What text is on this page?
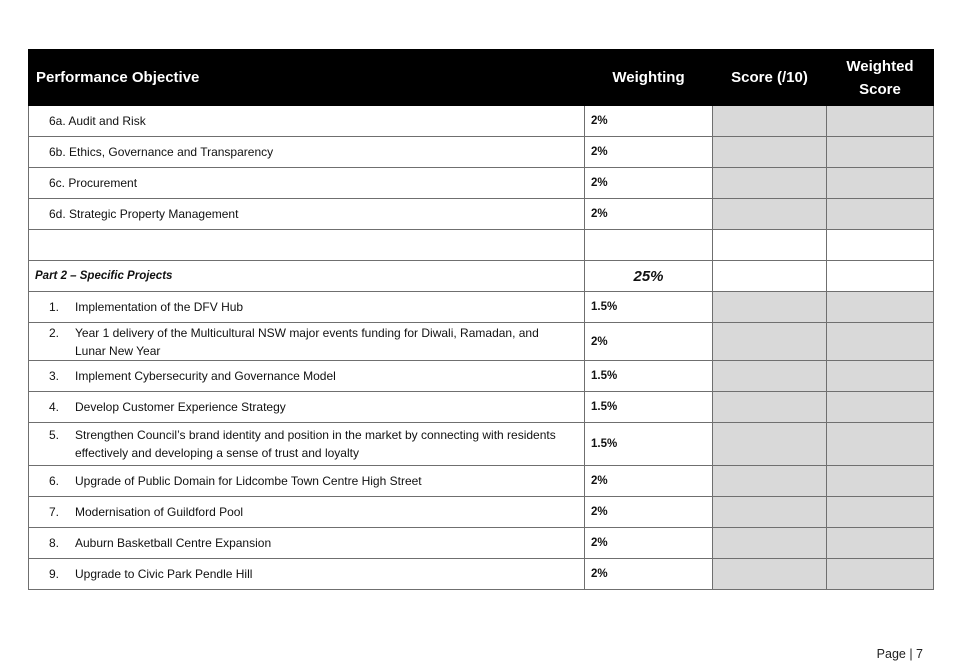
Performance Objective	Weighting	Score (/10)	Weighted
Score
6a. Audit and Risk	2%		
6b. Ethics, Governance and Transparency	2%		
6c. Procurement	2%		
6d. Strategic Property Management	2%		

Part 2 – Specific Projects	25%		

1. Implementation of the DFV Hub	1.5%		

2. Year 1 delivery of the Multicultural NSW major events funding for Diwali, Ramadan, and Lunar New Year	2%		

3. Implement Cybersecurity and Governance Model	1.5%		

4. Develop Customer Experience Strategy	1.5%		

5. Strengthen Council’s brand identity and position in the market by connecting with residents effectively and developing a sense of trust and loyalty	1.5%		

6. Upgrade of Public Domain for Lidcombe Town Centre High Street	2%		

7. Modernisation of Guildford Pool	2%		

8. Auburn Basketball Centre Expansion	2%		

9. Upgrade to Civic Park Pendle Hill	2%		
Page | 7
